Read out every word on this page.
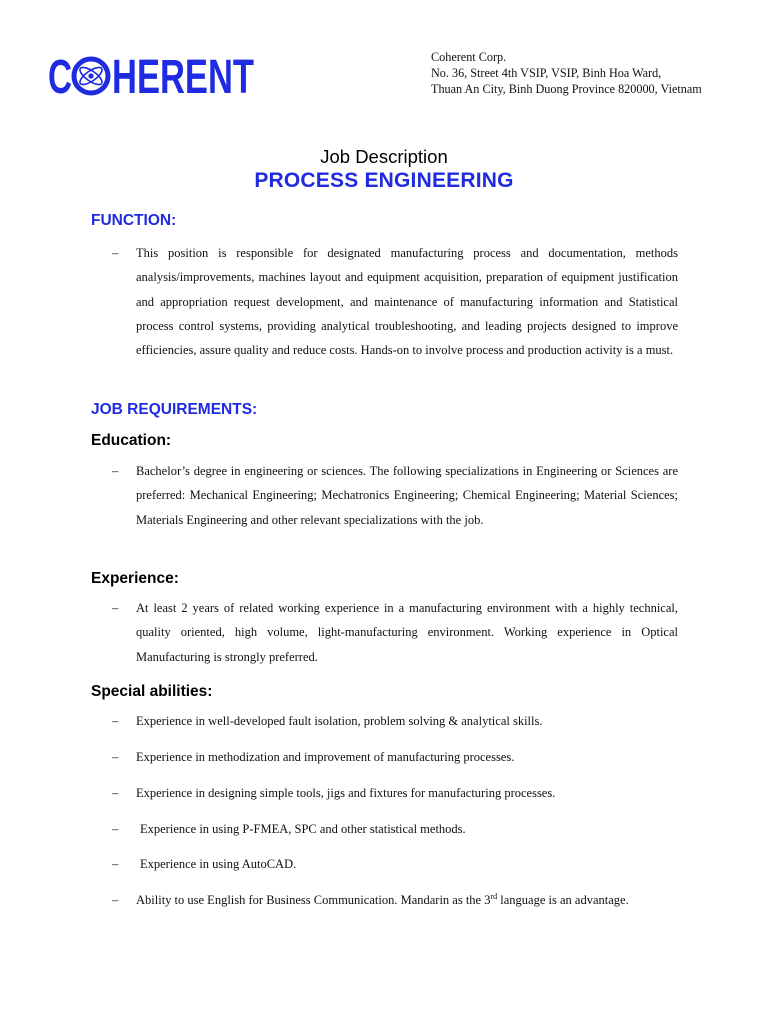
C HERENT	Coherent Corp.
No. 36, Street 4th VSIP, VSIP, Binh Hoa Ward,
Thuan An City, Binh Duong Province 820000, Vietnam
Job Description
PROCESS ENGINEERING
FUNCTION:
– This position is responsible for designated manufacturing process and documentation, methods analysis/improvements, machines layout and equipment acquisition, preparation of equipment justification and appropriation request development, and maintenance of manufacturing information and Statistical process control systems, providing analytical troubleshooting, and leading projects designed to improve efficiencies, assure quality and reduce costs. Hands-on to involve process and production activity is a must.
JOB REQUIREMENTS:
Education:
– Bachelor’s degree in engineering or sciences. The following specializations in Engineering or Sciences are preferred: Mechanical Engineering; Mechatronics Engineering; Chemical Engineering; Material Sciences; Materials Engineering and other relevant specializations with the job.
Experience:
– At least 2 years of related working experience in a manufacturing environment with a highly technical, quality oriented, high volume, light-manufacturing environment. Working experience in Optical Manufacturing is strongly preferred.
Special abilities:
– Experience in well-developed fault isolation, problem solving & analytical skills.
– Experience in methodization and improvement of manufacturing processes.
– Experience in designing simple tools, jigs and fixtures for manufacturing processes.
– Experience in using P-FMEA, SPC and other statistical methods.
– Experience in using AutoCAD.
– Ability to use English for Business Communication. Mandarin as the 3rd language is an advantage.
